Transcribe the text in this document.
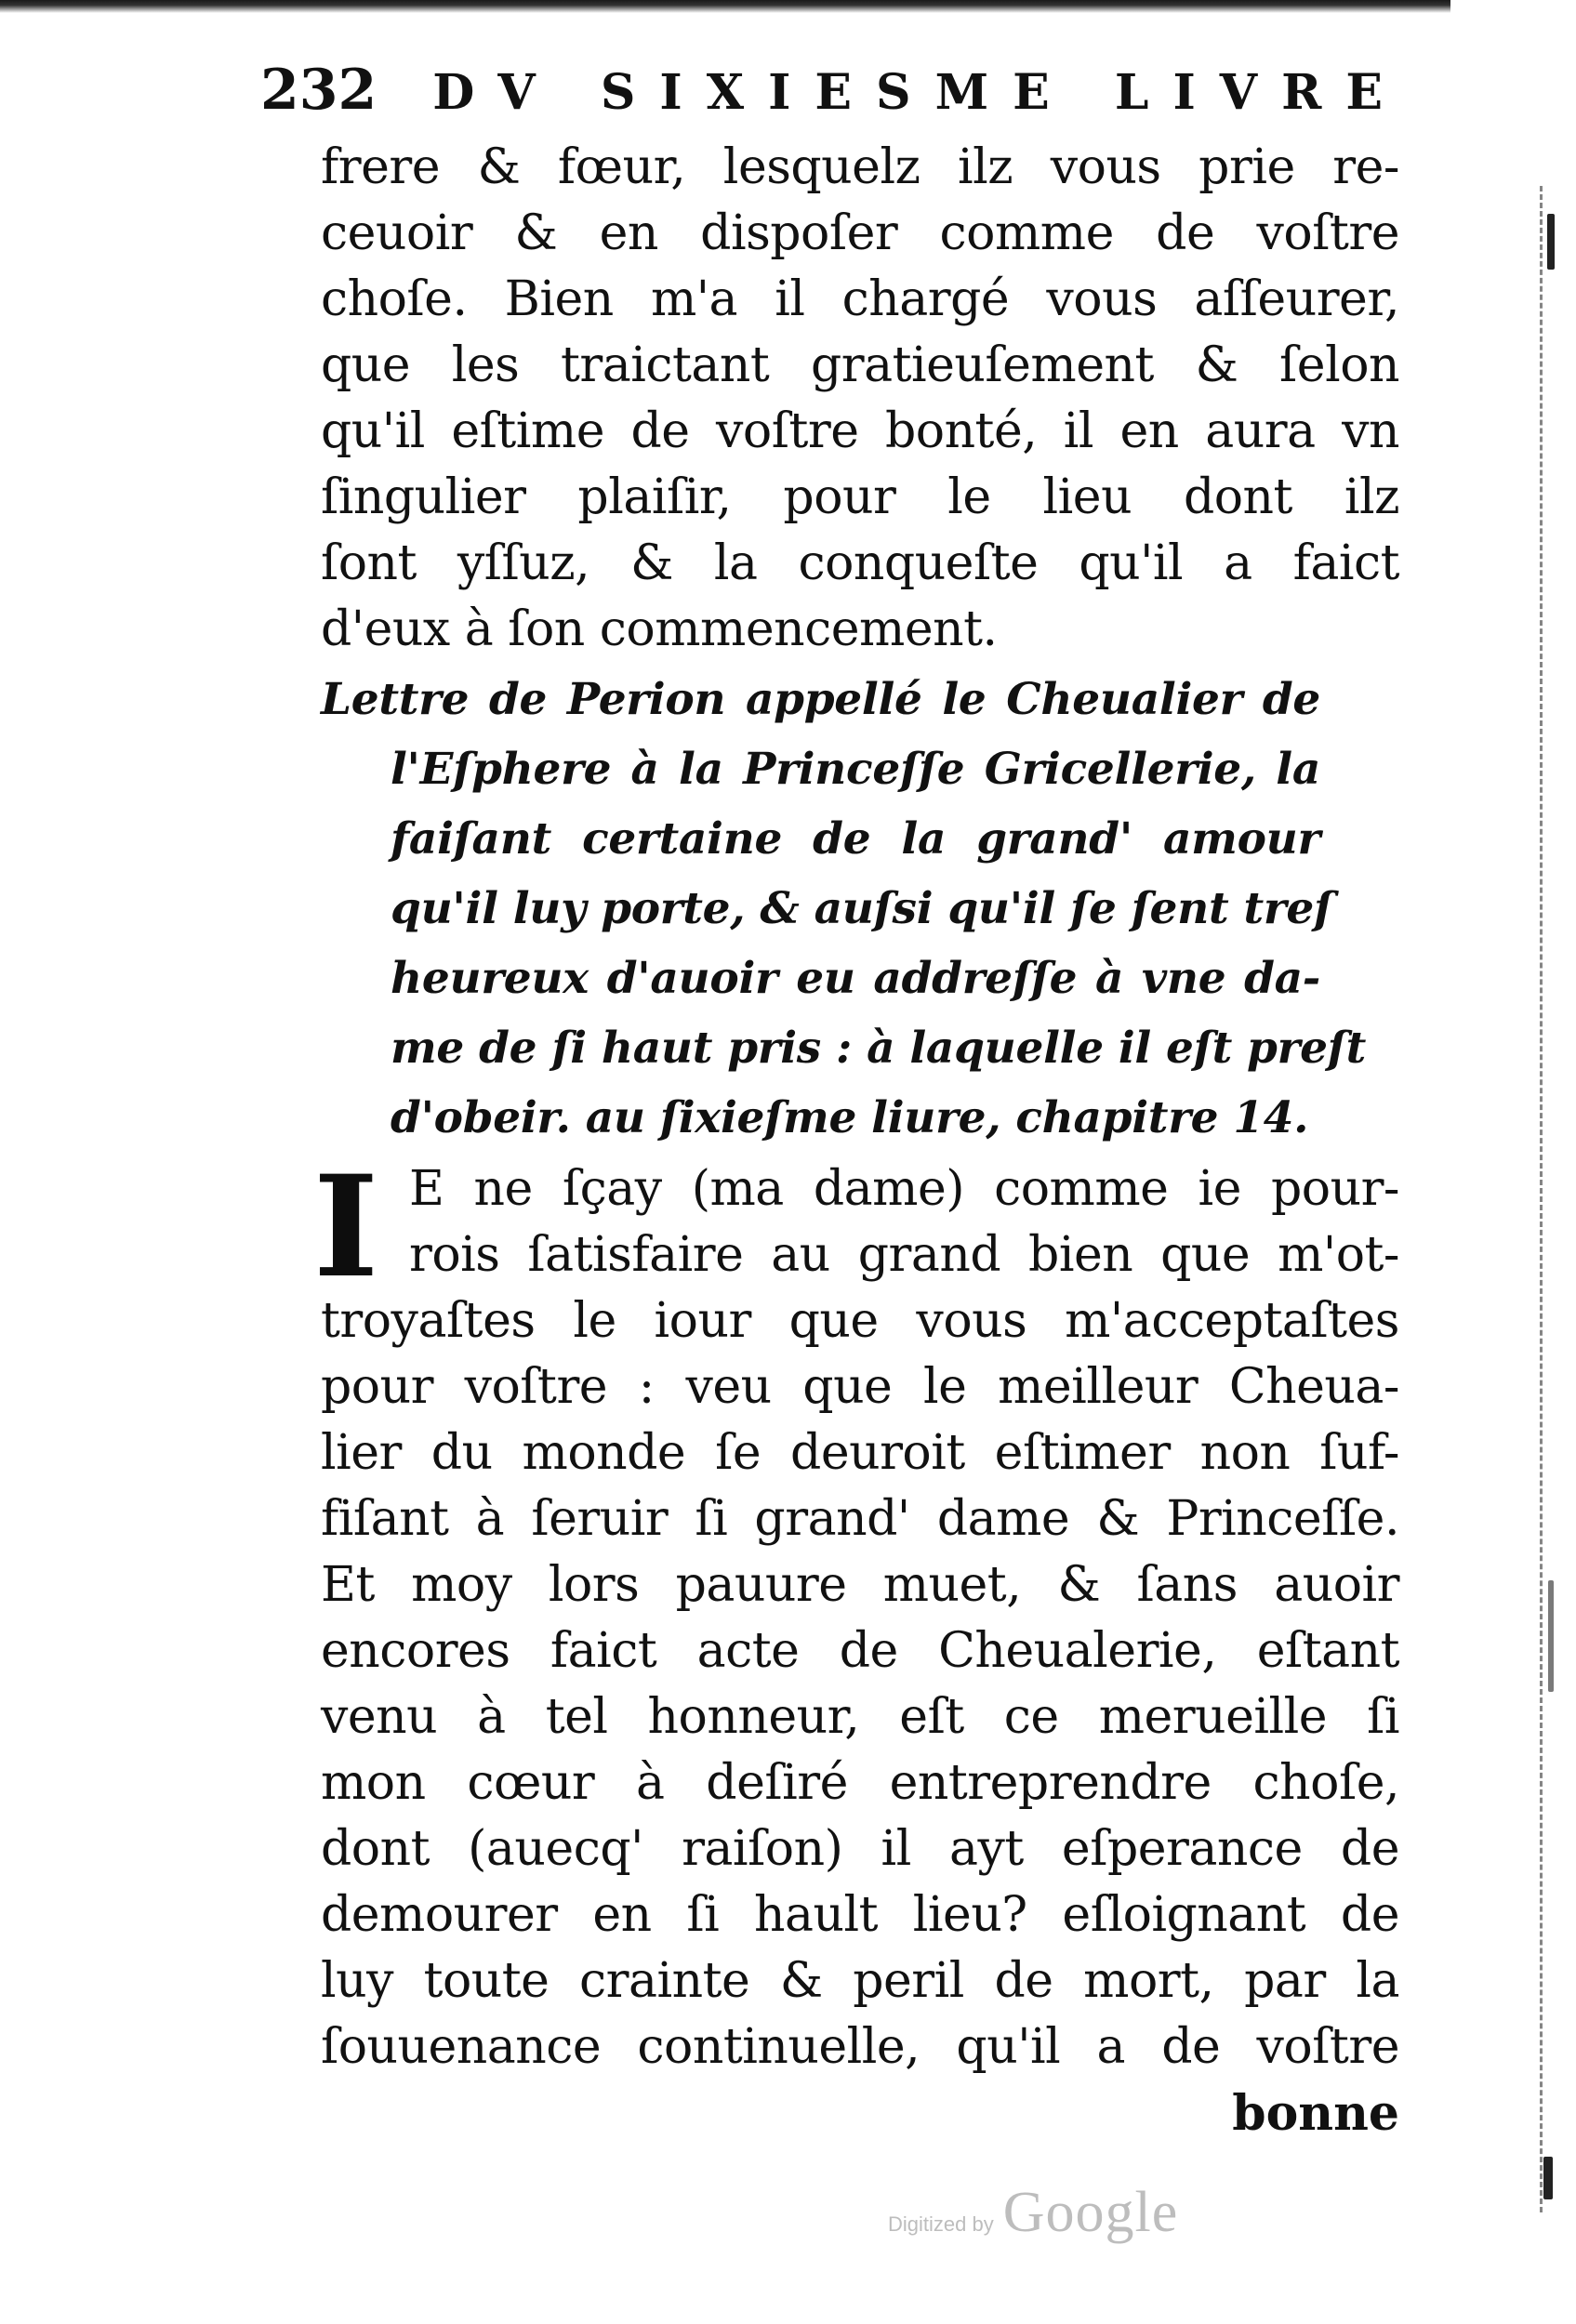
232 DV SIXIESME LIVRE
frere & fœur, lesquelz ilz vous prie re-
ceuoir & en dispoſer comme de voſtre
choſe. Bien m'a il chargé vous aſſeurer,
que les traictant gratieuſement & ſelon
qu'il eſtime de voſtre bonté, il en aura vn
ſingulier plaiſir, pour le lieu dont ilz
ſont yſſuz, & la conqueſte qu'il a faict
d'eux à ſon commencement.
Lettre de Perion appellé le Cheualier de
l'Eſphere à la Princeſſe Gricellerie, la
faiſant certaine de la grand' amour
qu'il luy porte, & auſsi qu'il ſe ſent treſ
heureux d'auoir eu addreſſe à vne da-
me de ſi haut pris : à laquelle il eſt preſt
d'obeir. au ſixieſme liure, chapitre 14.
I E ne ſçay (ma dame) comme ie pour-
rois ſatisfaire au grand bien que m'ot-
troyaſtes le iour que vous m'acceptaſtes
pour voſtre : veu que le meilleur Cheua-
lier du monde ſe deuroit eſtimer non ſuf-
fiſant à ſeruir ſi grand' dame & Princeſſe.
Et moy lors pauure muet, & ſans auoir
encores faict acte de Cheualerie, eſtant
venu à tel honneur, eſt ce merueille ſi
mon cœur à deſiré entreprendre choſe,
dont (auecq' raiſon) il ayt eſperance de
demourer en ſi hault lieu? eſloignant de
luy toute crainte & peril de mort, par la
ſouuenance continuelle, qu'il a de voſtre
bonne
Digitized by Google
